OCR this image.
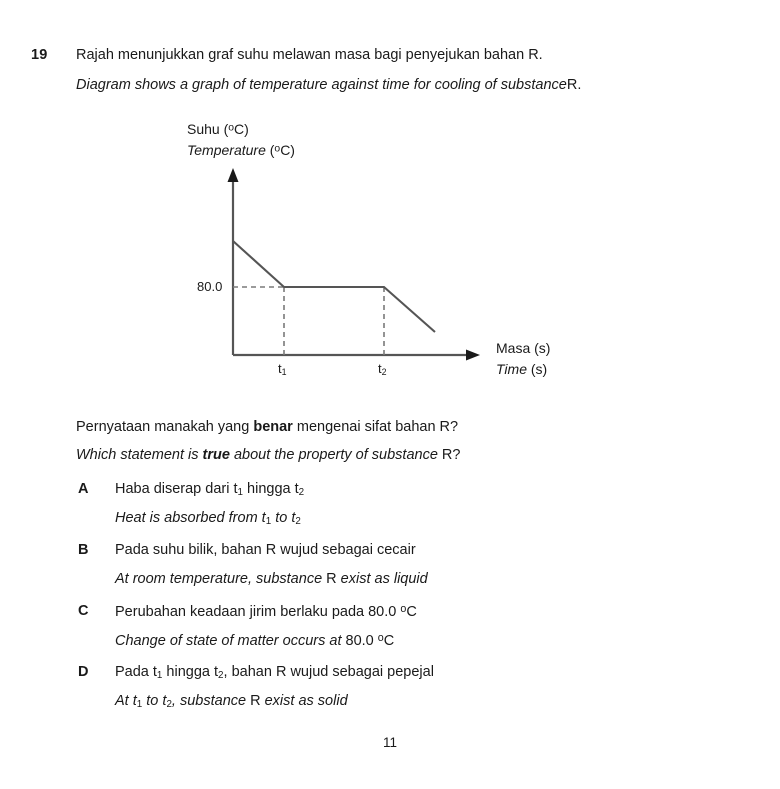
19 Rajah menunjukkan graf suhu melawan masa bagi penyejukan bahan R.
Diagram shows a graph of temperature against time for cooling of substanceR.
Suhu ($^o$C)
Temperature ($^o$C)
Masa (s)
Time (s)
80.0
$t_1$	$t_2$
Pernyataan manakah yang benar mengenai sifat bahan R?
Which statement is true about the property of substance R?
A Haba diserap dari $t_1$ hingga $t_2$
Heat is absorbed from $t_1$ to $t_2$
B Pada suhu bilik, bahan R wujud sebagai cecair
At room temperature, substance R exist as liquid
C Perubahan keadaan jirim berlaku pada 80.0 $^o$C
Change of state of matter occurs at 80.0 $^o$C
D Pada $t_1$ hingga $t_2$, bahan R wujud sebagai pepejal
At $t_1$ to $t_2$, substance R exist as solid
11
